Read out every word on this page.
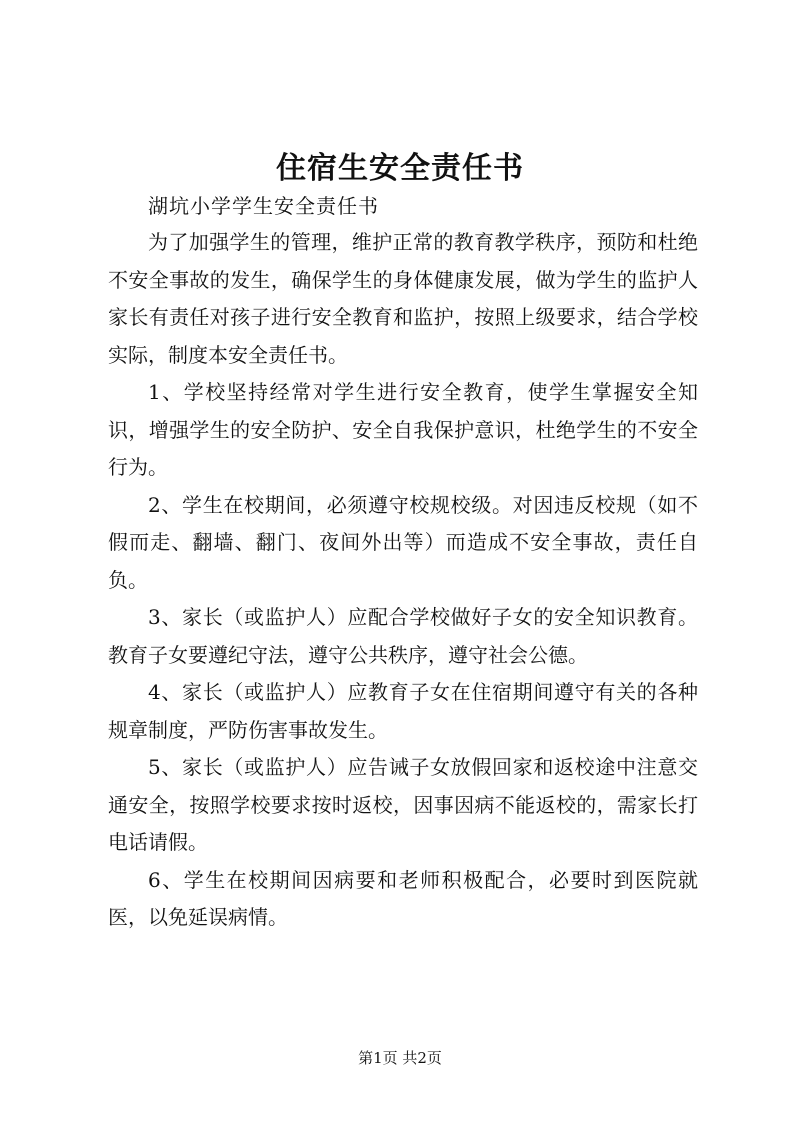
住宿生安全责任书
湖坑小学学生安全责任书

为了加强学生的管理，维护正常的教育教学秩序，预防和杜绝不安全事故的发生，确保学生的身体健康发展，做为学生的监护人家长有责任对孩子进行安全教育和监护，按照上级要求，结合学校实际，制度本安全责任书。

1、学校坚持经常对学生进行安全教育，使学生掌握安全知识，增强学生的安全防护、安全自我保护意识，杜绝学生的不安全行为。

2、学生在校期间，必须遵守校规校级。对因违反校规（如不假而走、翻墙、翻门、夜间外出等）而造成不安全事故，责任自负。

3、家长（或监护人）应配合学校做好子女的安全知识教育。教育子女要遵纪守法，遵守公共秩序，遵守社会公德。

4、家长（或监护人）应教育子女在住宿期间遵守有关的各种规章制度，严防伤害事故发生。

5、家长（或监护人）应告诫子女放假回家和返校途中注意交通安全，按照学校要求按时返校，因事因病不能返校的，需家长打电话请假。

6、学生在校期间因病要和老师积极配合，必要时到医院就医，以免延误病情。

第1页 共2页
